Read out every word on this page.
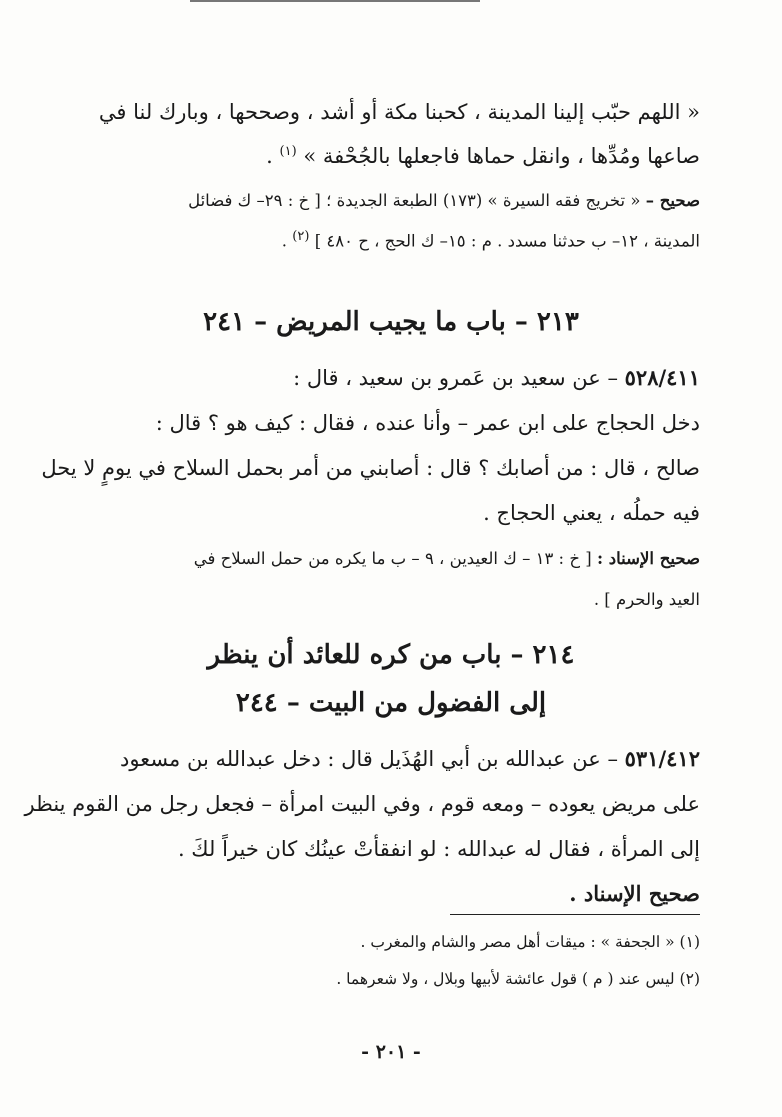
« اللهم حبّب إلينا المدينة ، كحبنا مكة أو أشد ، وصححها ، وبارك لنا في
صاعها ومُدِّها ، وانقل حماها فاجعلها بالجُحْفة » $^{(١)}$ .
صحيح – « تخريج فقه السيرة » (١٧٣) الطبعة الجديدة ؛ [ خ : ٢٩– ك فضائل
المدينة ، ١٢– ب حدثنا مسدد . م : ١٥– ك الحج ، ح ٤٨٠ ] $^{(٢)}$ .
٢١٣ – باب ما يجيب المريض – ٢٤١
٥٢٨/٤١١ – عن سعيد بن عَمرو بن سعيد ، قال :
دخل الحجاج على ابن عمر – وأنا عنده ، فقال : كيف هو ؟ قال :
صالح ، قال : من أصابك ؟ قال : أصابني من أمر بحمل السلاح في يومٍ لا يحل
فيه حملُه ، يعني الحجاج .
صحيح الإسناد : [ خ : ١٣ – ك العيدين ، ٩ – ب ما يكره من حمل السلاح في
العيد والحرم ] .
٢١٤ – باب من كره للعائد أن ينظر
إلى الفضول من البيت – ٢٤٤
٥٣١/٤١٢ – عن عبدالله بن أبي الهُذَيل قال : دخل عبدالله بن مسعود
على مريض يعوده – ومعه قوم ، وفي البيت امرأة – فجعل رجل من القوم ينظر
إلى المرأة ، فقال له عبدالله : لو انفقأتْ عينُك كان خيراً لكَ .
صحيح الإسناد .
(١) « الجحفة » : ميقات أهل مصر والشام والمغرب .
(٢) ليس عند ( م ) قول عائشة لأبيها وبلال ، ولا شعرهما .
- ٢٠١ -
